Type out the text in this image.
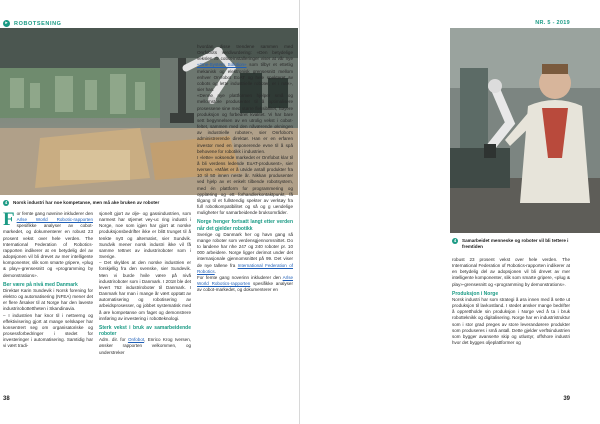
▸	ROBOTSENING
4	Norsk industri har noe kompetanse, men må ake bruken av roboter

For femte gang nøvnine inkluderer den Arlse World Robotic-rapporten spesifikke analyser av cobot-markedet, og dokumenterer en robust 23 prosent vekst over hele verden. The International Federation of Robotics-rapporten indikerer at en betydelig del av adopsjonen vil bli drevet av mer intelligente komponenter, slik som smarte gripere, «plug & play»-grensesnitt og «programming by demonstrations».

Ber være på nivå med Danmark

Direktør Karin Sundevik i Norsk forening for elektro og automatisering (NFEA) mener det er flere årsaker til at Norge har den laveste industrirobottettheten i Skandinavia.
– I industrien har knor til i nettverng og effektivisering gjort at mange selskaper har konsentrert seg om organisatoriske og prosessforbedringer i stedet for investeringer i automatisering. Samtidig har vi vært tradi-

sjonelt gjort av olje- og gassindustrien, som narmest har stjemet vey-uc ring industri i Norge, noe som igjen har gjort at norske produksjonsbedrifter ikke er blitt trunget til å tenkte nytt og alternativt, sier Sundvik. Sundvik mener norsk industri ikke vil få samme tettnet av industriroboter som i Sverige.
– Det skyldes at den norske industrien er forskjellig fra den svenske, sier Sundevik. Men vi burde hvile være på nivå industriroboter som i Danmark. I 2018 ble det levert 762 industriroboter til Danmark. I Danmark har man i mange år vært opptatt av automatisering og robotisering av arbeidsprosesser, og jobbet systematisk med å øre kompetanse om faget og demonstrere innføring av investering i robotteknologi.

Sterk vekst i bruk av samarbeidende roboter

Adm. dir. for Onfobot, Enrico Krog Iversen, ønsker rapporten velkommen, og understreker

hvordan disse trendene sammen med Onrfobots verdivurdering: «Den betydelige vekslen av cobot-installeringer viser at vår nye «One-System Solution» som tilbyr et ettetlig mekanisk og elektronisk grensesnitt mellom enhver Onrfobot EoAT og hele spekteret av cobots og lette industrielle roboter, er i rute», sier han.
«Denne nye plattformen hjelper små og mellomstore produsenter til å optimalisere prosessene sine med større fleksibilitet, høyere produksjon og forbedret kvalitet. Vi har bare sett begynnelsen av en utrolig vekst i cobot-feltet, sammen med den nåværende økningen av industrielle roboter», sier Onrfobot's administrerende direktør. Han er en erfaren investor med en imponerende evne til å spå behovene for robotikk i industrien.
I «lette» voksende markedet er Onrfobot klar til å bli verdens ledende EoAT-produsent», sier Iversen. «Målet er å utvide antall produkter fra 10 til 50 innen neste år. Nikkan produsenter ved hjelp av et enkelt tilbende robotsystem, med én plattform for programmering og opplæring og ett forhandlerkontaktpunkt, få tilgang til et fullstendig spekter av verktøy fra full robotkompatibilitet og så og g uendelige muligheter for samarbeidende bruksområder.

Norge henger fortsatt langt etter verden når det gjelder robotikk

Sverige og Danmark her og havn gang så mange roboter som verdensgjennomsnittet. Do to landene har nhe 247 og 240 roboter pr. 10 000 arbeidere. Norge ligger derimot under det internasjonale gjennomsnittet på 99. Det viser de nye tallene fra International Federation of Robotics.
For femte gang noverinn inkluderer den Arlse World Robotics-rapporten spesifikke analyser av cobot-markedet, og dokumenterer en

38
NR. 5 - 2019
4	Samarbeidet menneske og roboter vil bli tettere i fremtiden

robust 23 prosent vekst over hele verden. The International Federation of Robotics-rapporten indikerer at en betydelig del av adopsjonen vil bli drevet av mer intelligente komponenter, slik som smarte gripere, «plug & play»-grensesnitt og «programming by demonstrations».

Produksjon i Norge

Norsk industri har som strategi å øra innen med å sette ut produksjon til lavkostland. I stedet ønsker mange bedrifter å opprettholde sin produksjon i Norge ved å ta i bruk robotteknikk og digitalisering. Norge har en industristruktur som i stor grad preges av store leverandørere produkter som produseres i små antall. Dette gjelder verftsindustrien som bygger avanserte skip og utlustyr, offshore industri hvor det bygges oljeplattformer og

39
